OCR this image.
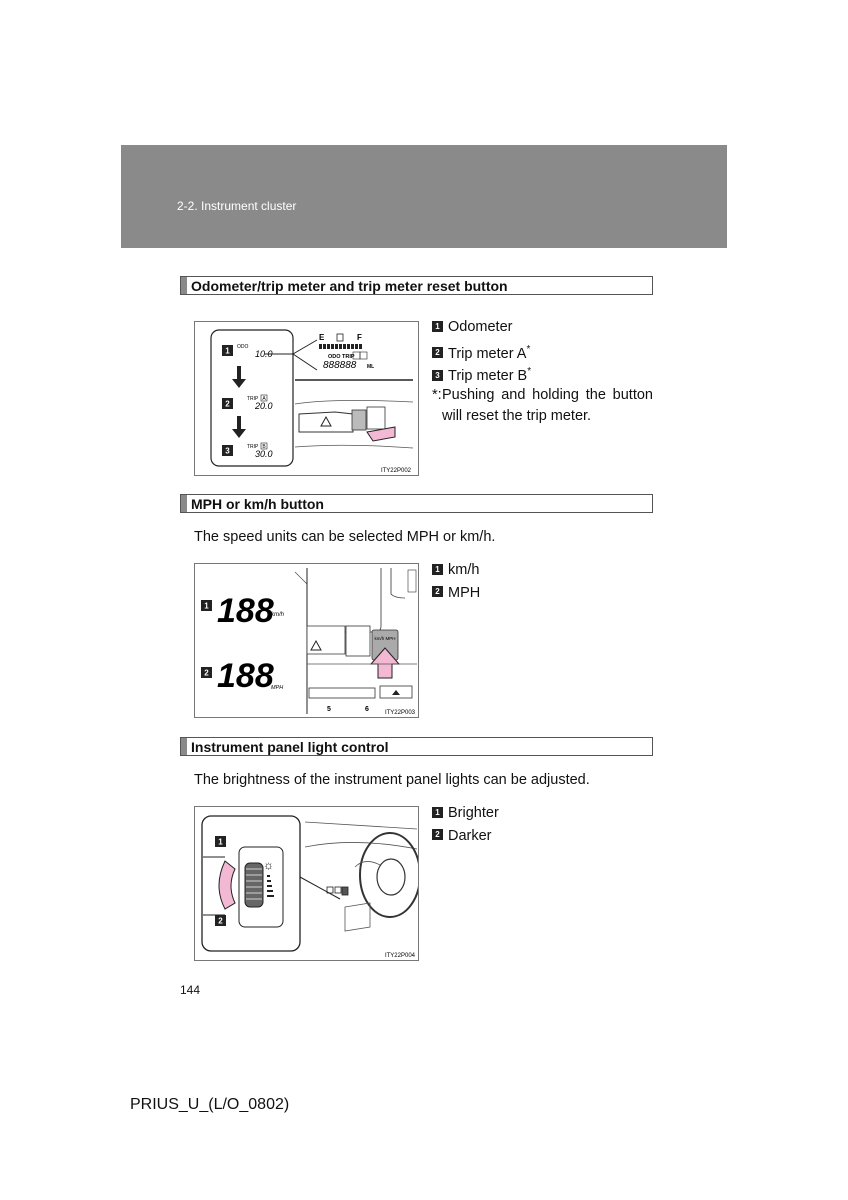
2-2. Instrument cluster
Odometer/trip meter and trip meter reset button
1 ODO
10.0
2
TRIP A
20.0
3	TRIP B
30.0
E	F
ODO TRIP
888888 ML
ITY22P002
1 Odometer
2 Trip meter A*
3 Trip meter B*
*: Pushing and holding the button will reset the trip meter.
MPH or km/h button
The speed units can be selected MPH or km/h.
1 188
km/h
2 188
MPH
km/h MPH
5	6	ITY22P003
1 km/h
2 MPH
Instrument panel light control
The brightness of the instrument panel lights can be adjusted.
1
2
☼
ITY22P004
1 Brighter
2 Darker
144
PRIUS_U_(L/O_0802)
